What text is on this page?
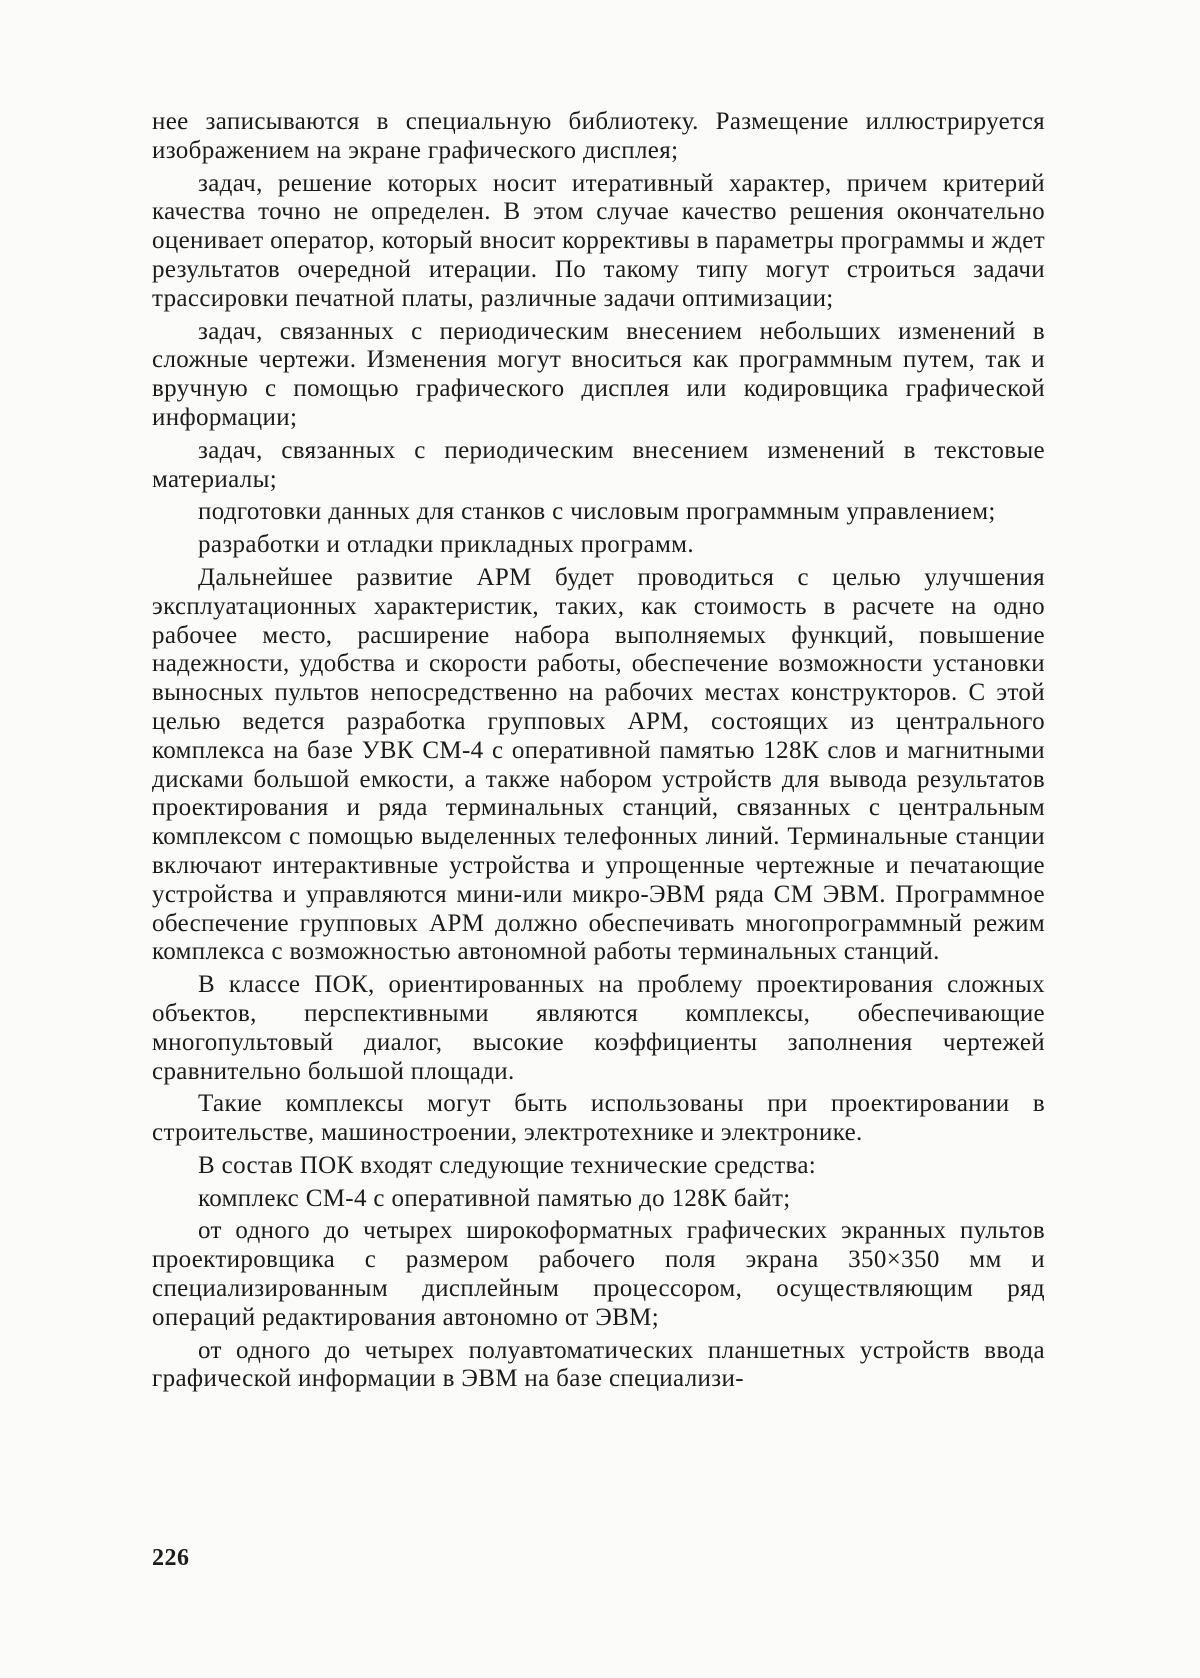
нее записываются в специальную библиотеку. Размещение иллюстрируется изображением на экране графического дисплея;

задач, решение которых носит итеративный характер, причем критерий качества точно не определен. В этом случае качество решения окончательно оценивает оператор, который вносит коррективы в параметры программы и ждет результатов очередной итерации. По такому типу могут строиться задачи трассировки печатной платы, различные задачи оптимизации;

задач, связанных с периодическим внесением небольших изменений в сложные чертежи. Изменения могут вноситься как программным путем, так и вручную с помощью графического дисплея или кодировщика графической информации;

задач, связанных с периодическим внесением изменений в текстовые материалы;

подготовки данных для станков с числовым программным управлением;

разработки и отладки прикладных программ.

Дальнейшее развитие АРМ будет проводиться с целью улучшения эксплуатационных характеристик, таких, как стоимость в расчете на одно рабочее место, расширение набора выполняемых функций, повышение надежности, удобства и скорости работы, обеспечение возможности установки выносных пультов непосредственно на рабочих местах конструкторов. С этой целью ведется разработка групповых АРМ, состоящих из центрального комплекса на базе УВК СМ-4 с оперативной памятью 128К слов и магнитными дисками большой емкости, а также набором устройств для вывода результатов проектирования и ряда терминальных станций, связанных с центральным комплексом с помощью выделенных телефонных линий. Терминальные станции включают интерактивные устройства и упрощенные чертежные и печатающие устройства и управляются мини-или микро-ЭВМ ряда СМ ЭВМ. Программное обеспечение групповых АРМ должно обеспечивать многопрограммный режим комплекса с возможностью автономной работы терминальных станций.

В классе ПОК, ориентированных на проблему проектирования сложных объектов, перспективными являются комплексы, обеспечивающие многопультовый диалог, высокие коэффициенты заполнения чертежей сравнительно большой площади.

Такие комплексы могут быть использованы при проектировании в строительстве, машиностроении, электротехнике и электронике.

В состав ПОК входят следующие технические средства:

комплекс СМ-4 с оперативной памятью до 128К байт;

от одного до четырех широкоформатных графических экранных пультов проектировщика с размером рабочего поля экрана 350×350 мм и специализированным дисплейным процессором, осуществляющим ряд операций редактирования автономно от ЭВМ;

от одного до четырех полуавтоматических планшетных устройств ввода графической информации в ЭВМ на базе специализи-

226
